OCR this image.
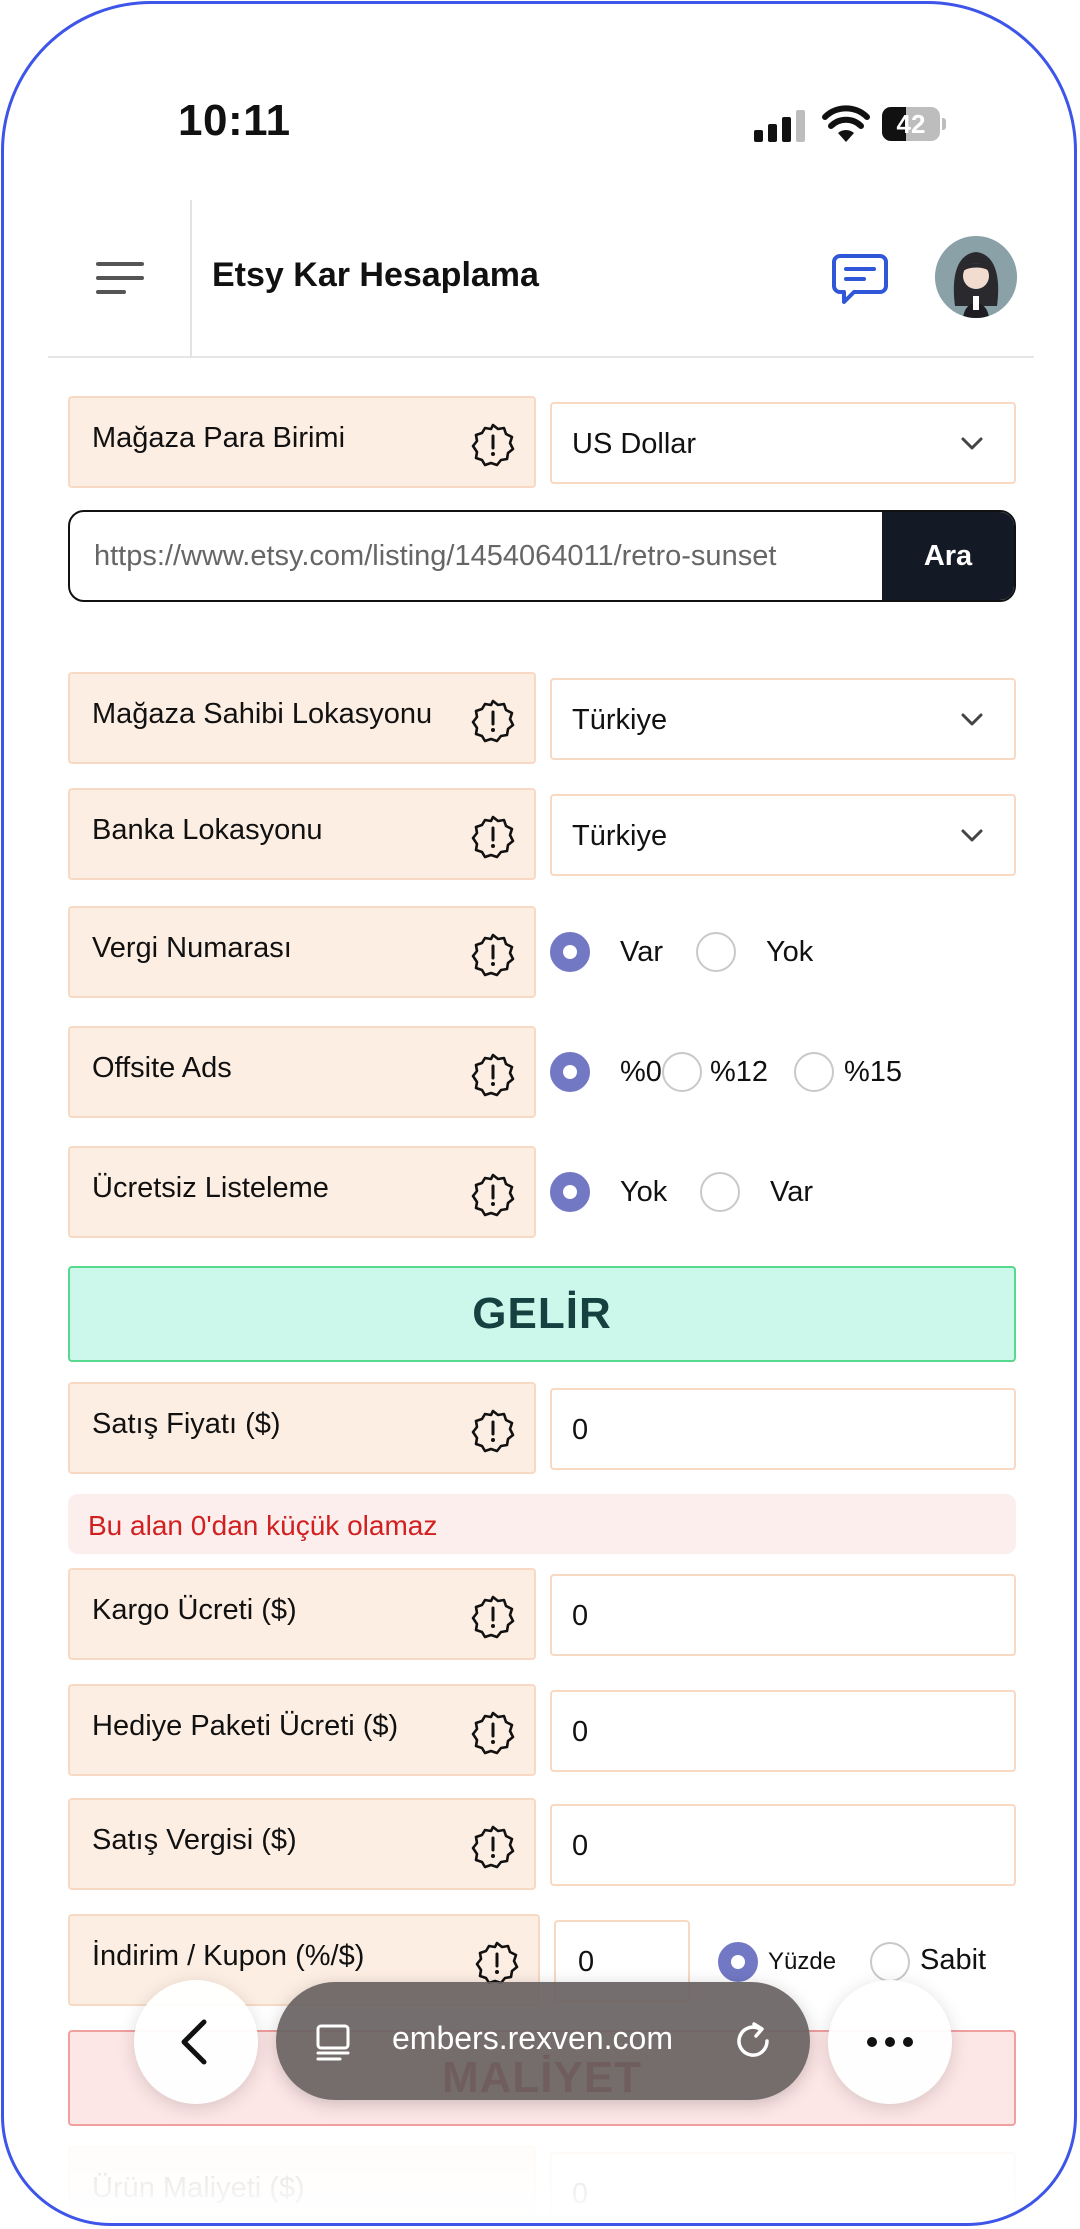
10:11	42
Etsy Kar Hesaplama
Mağaza Para Birimi	US Dollar
https://www.etsy.com/listing/1454064011/retro-sunset	Ara
Mağaza Sahibi Lokasyonu	Türkiye
Banka Lokasyonu	Türkiye
Vergi Numarası	Var	Yok
Offsite Ads	%0 %12	%15
Ücretsiz Listeleme	Yok	Var
GELİR
Satış Fiyatı ($)	0
Bu alan 0'dan küçük olamaz
Kargo Ücreti ($)	0
Hediye Paketi Ücreti ($)	0
Satış Vergisi ($)	0
İndirim / Kupon (%/$)	0	Yüzde	Sabit
embers.rexven.com
